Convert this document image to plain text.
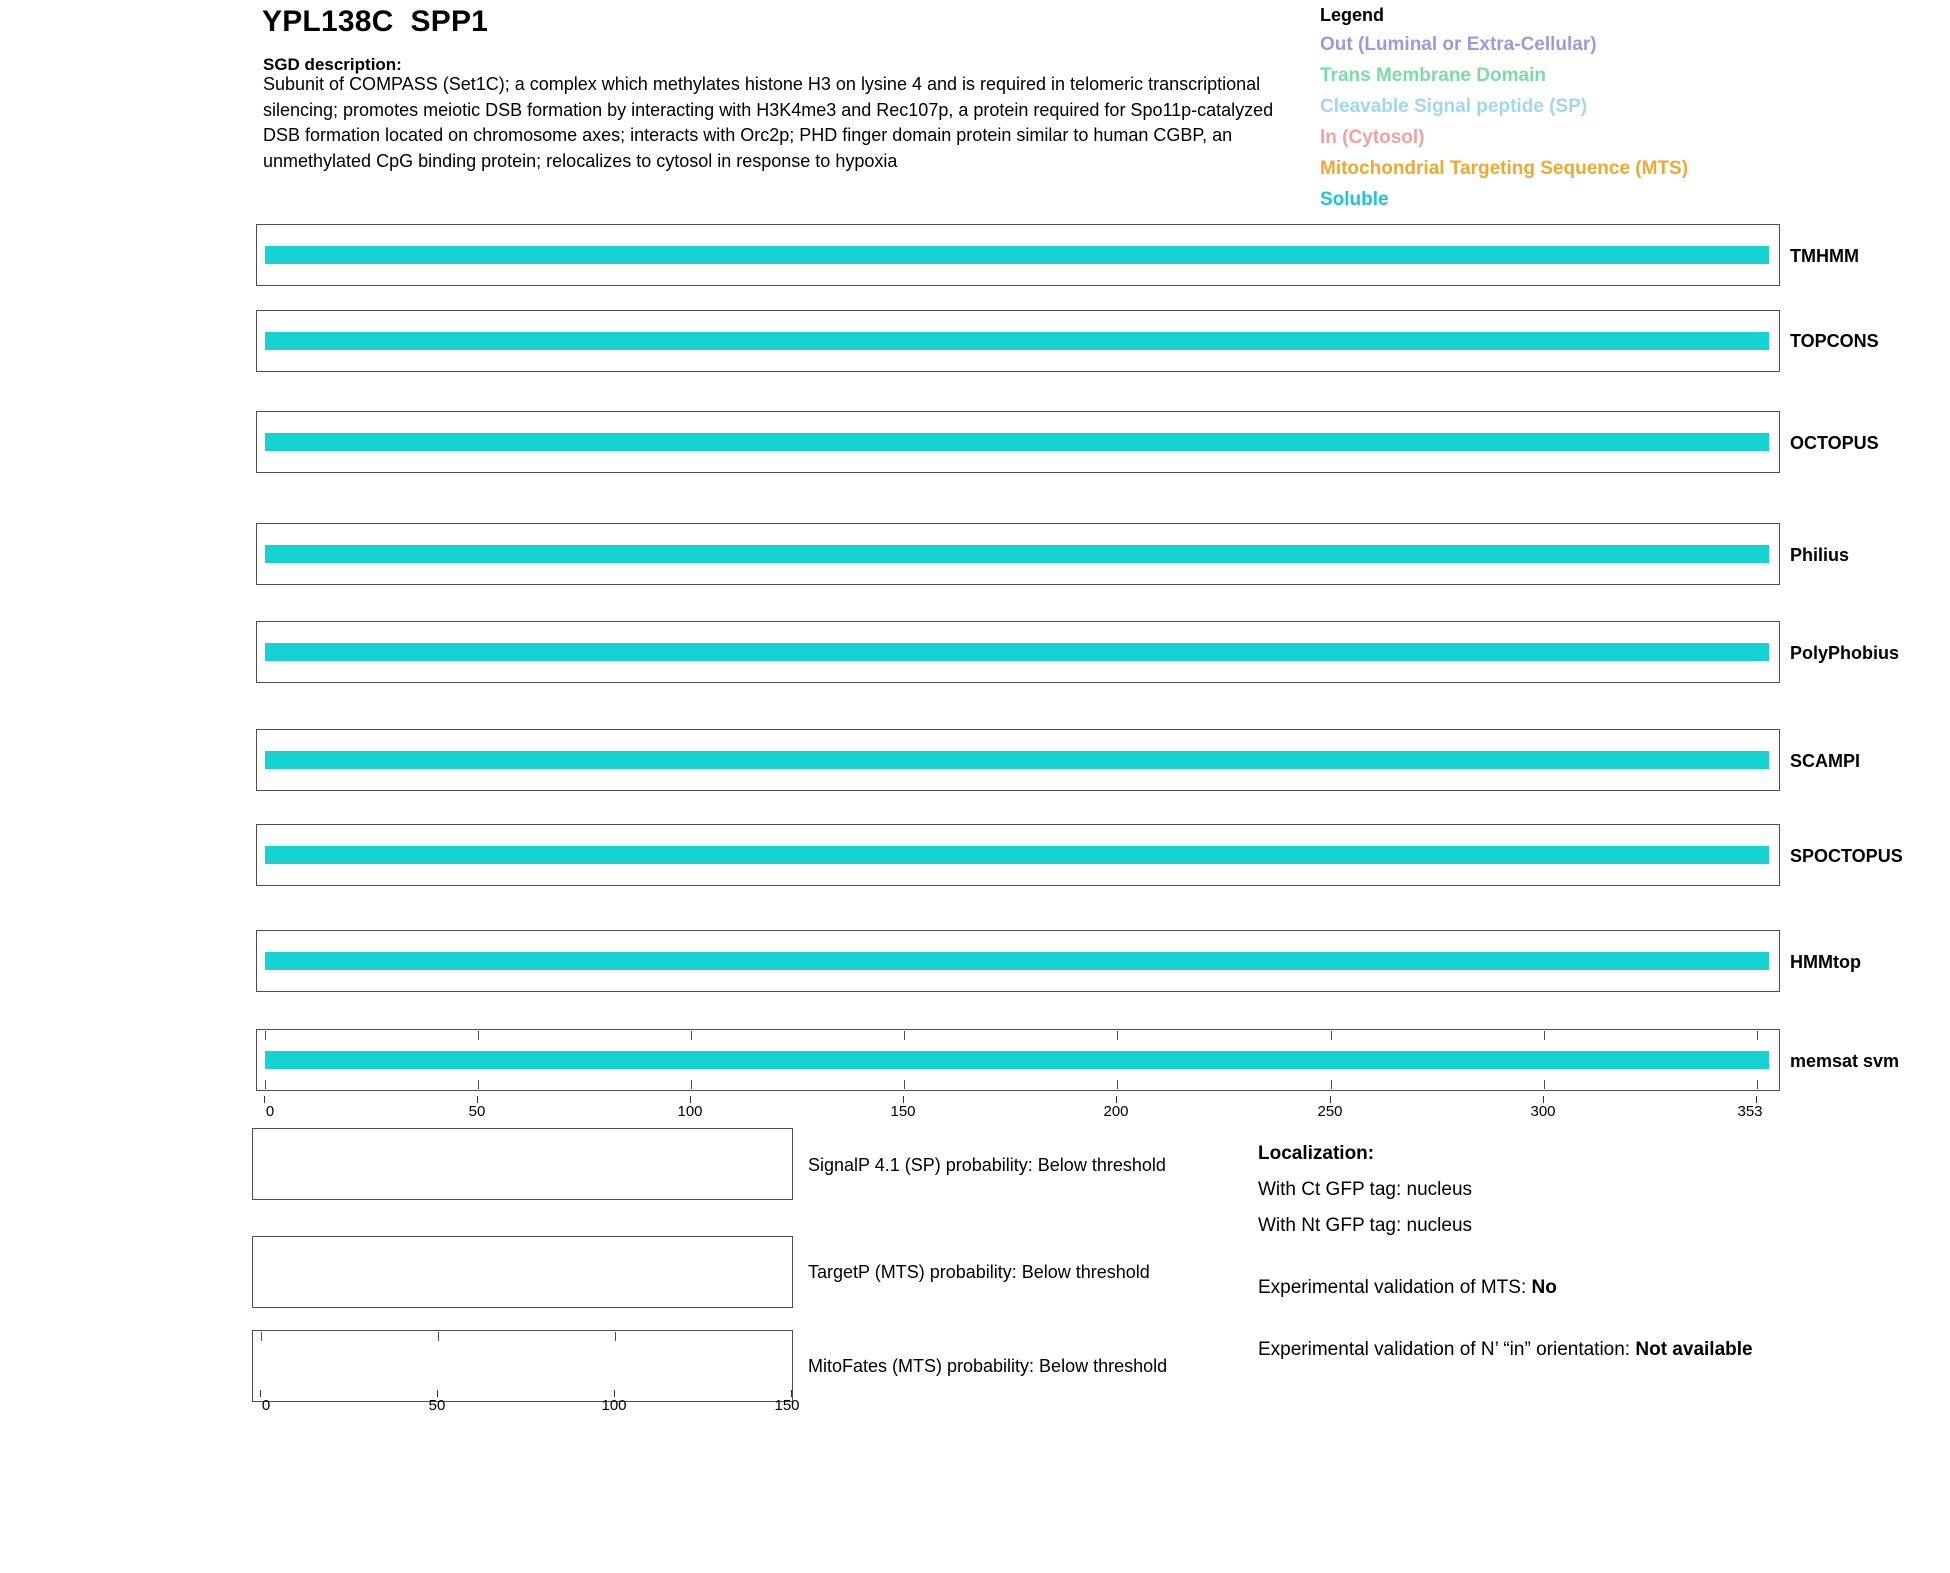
YPL138C  SPP1
SGD description:
Subunit of COMPASS (Set1C); a complex which methylates histone H3 on lysine 4 and is required in telomeric transcriptional silencing; promotes meiotic DSB formation by interacting with H3K4me3 and Rec107p, a protein required for Spo11p-catalyzed DSB formation located on chromosome axes; interacts with Orc2p; PHD finger domain protein similar to human CGBP, an unmethylated CpG binding protein; relocalizes to cytosol in response to hypoxia
Legend
Out (Luminal or Extra-Cellular)
Trans Membrane Domain
Cleavable Signal peptide (SP)
In (Cytosol)
Mitochondrial Targeting Sequence (MTS)
Soluble
TMHMM
TOPCONS
OCTOPUS
Philius
PolyPhobius
SCAMPI
SPOCTOPUS
HMMtop
memsat svm
0	50	100	150	200	250	300	353
SignalP 4.1 (SP) probability: Below threshold
TargetP (MTS) probability: Below threshold
MitoFates (MTS) probability: Below threshold
0	50	100	150
Localization:
With Ct GFP tag: nucleus
With Nt GFP tag: nucleus
Experimental validation of MTS: No
Experimental validation of N’ “in” orientation: Not available
